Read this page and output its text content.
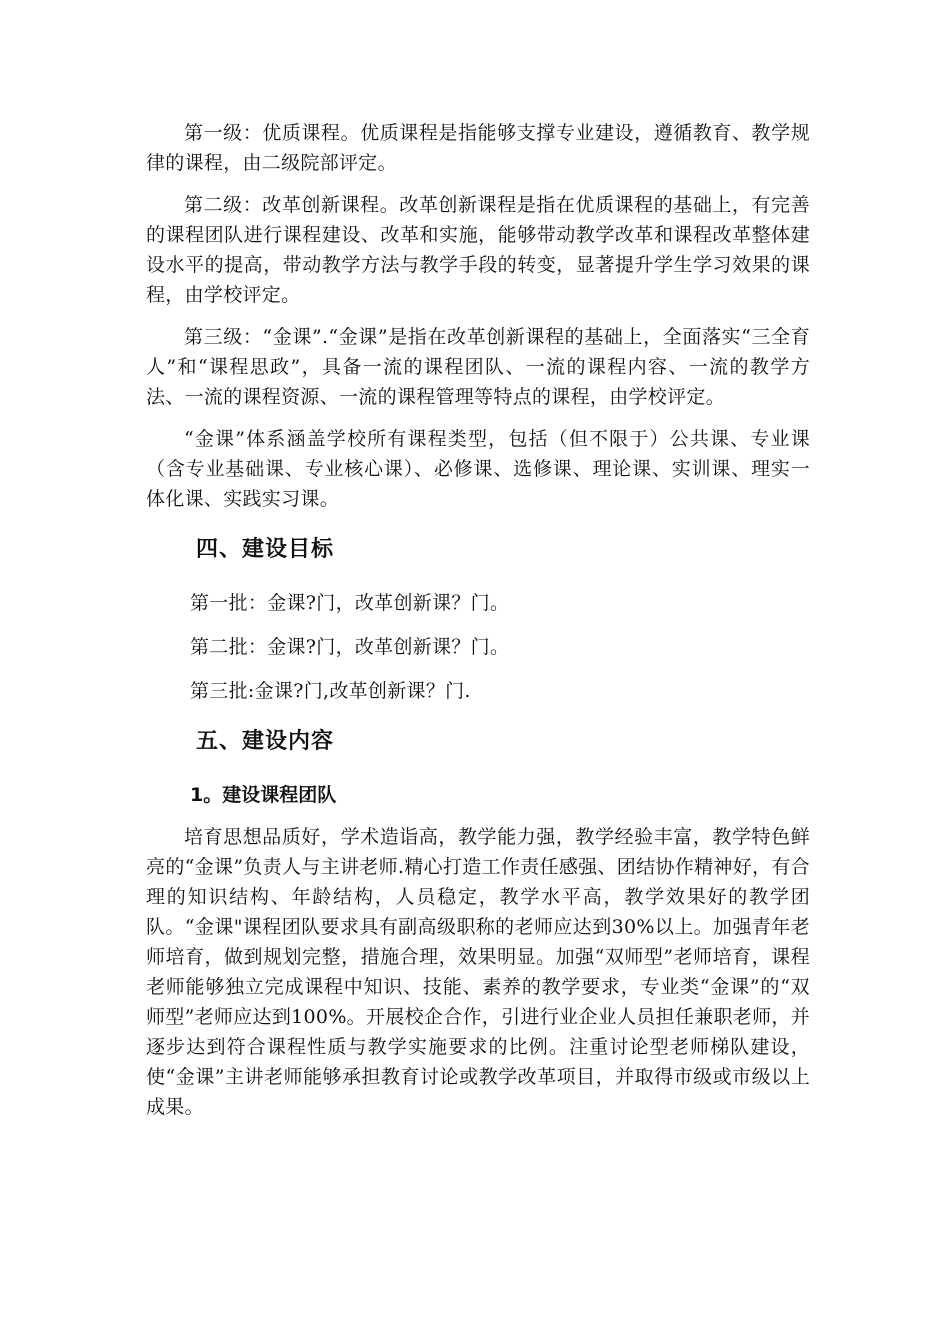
第一级：优质课程。优质课程是指能够支撑专业建设，遵循教育、教学规律的课程，由二级院部评定。

第二级：改革创新课程。改革创新课程是指在优质课程的基础上，有完善的课程团队进行课程建设、改革和实施，能够带动教学改革和课程改革整体建设水平的提高，带动教学方法与教学手段的转变，显著提升学生学习效果的课程，由学校评定。

第三级：“金课”.“金课”是指在改革创新课程的基础上，全面落实“三全育人”和“课程思政”，具备一流的课程团队、一流的课程内容、一流的教学方法、一流的课程资源、一流的课程管理等特点的课程，由学校评定。

“金课”体系涵盖学校所有课程类型，包括（但不限于）公共课、专业课（含专业基础课、专业核心课）、必修课、选修课、理论课、实训课、理实一体化课、实践实习课。

四、建设目标
第一批：金课?门，改革创新课？门。
第二批：金课?门，改革创新课？门。
第三批:金课?门,改革创新课？门.
五、建设内容
1。建设课程团队

培育思想品质好，学术造诣高，教学能力强，教学经验丰富，教学特色鲜亮的“金课”负责人与主讲老师.精心打造工作责任感强、团结协作精神好，有合理的知识结构、年龄结构，人员稳定，教学水平高，教学效果好的教学团队。“金课"课程团队要求具有副高级职称的老师应达到30%以上。加强青年老师培育，做到规划完整，措施合理，效果明显。加强“双师型”老师培育，课程老师能够独立完成课程中知识、技能、素养的教学要求，专业类“金课”的“双师型”老师应达到100%。开展校企合作，引进行业企业人员担任兼职老师，并逐步达到符合课程性质与教学实施要求的比例。注重讨论型老师梯队建设，使“金课”主讲老师能够承担教育讨论或教学改革项目，并取得市级或市级以上成果。
